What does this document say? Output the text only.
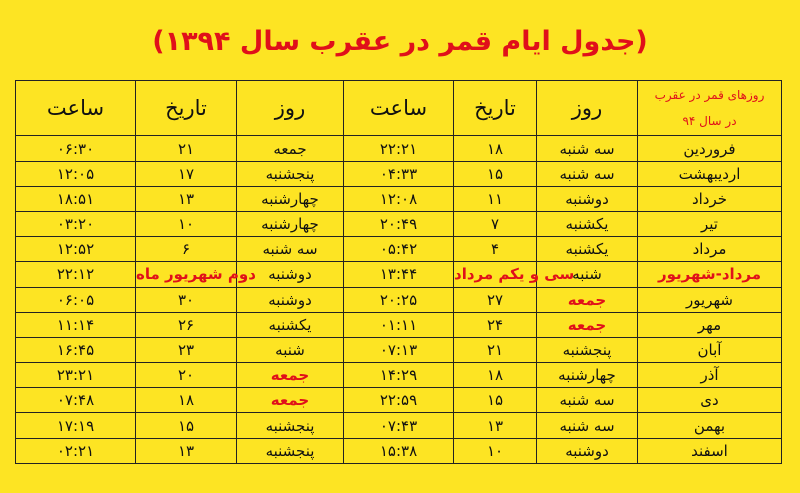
(جدول ایام قمر در عقرب سال ۱۳۹۴)
روزهای قمر در عقرب
در سال ۹۴	روز	تاریخ	ساعت	روز	تاریخ	ساعت
فروردین	سه شنبه	۱۸	۲۲:۲۱	جمعه	۲۱	۰۶:۳۰
اردیبهشت	سه شنبه	۱۵	۰۴:۳۳	پنجشنبه	۱۷	۱۲:۰۵
خرداد	دوشنبه	۱۱	۱۲:۰۸	چهارشنبه	۱۳	۱۸:۵۱
تیر	یکشنبه	۷	۲۰:۴۹	چهارشنبه	۱۰	۰۳:۲۰
مرداد	یکشنبه	۴	۰۵:۴۲	سه شنبه	۶	۱۲:۵۲
مرداد-شهریور	شنبه	سی و یکم مرداد	۱۳:۴۴	دوشنبه	دوم شهریور ماه	۲۲:۱۲
شهریور	جمعه	۲۷	۲۰:۲۵	دوشنبه	۳۰	۰۶:۰۵
مهر	جمعه	۲۴	۰۱:۱۱	یکشنبه	۲۶	۱۱:۱۴
آبان	پنجشنبه	۲۱	۰۷:۱۳	شنبه	۲۳	۱۶:۴۵
آذر	چهارشنبه	۱۸	۱۴:۲۹	جمعه	۲۰	۲۳:۲۱
دی	سه شنبه	۱۵	۲۲:۵۹	جمعه	۱۸	۰۷:۴۸
بهمن	سه شنبه	۱۳	۰۷:۴۳	پنجشنبه	۱۵	۱۷:۱۹
اسفند	دوشنبه	۱۰	۱۵:۳۸	پنجشنبه	۱۳	۰۲:۲۱
